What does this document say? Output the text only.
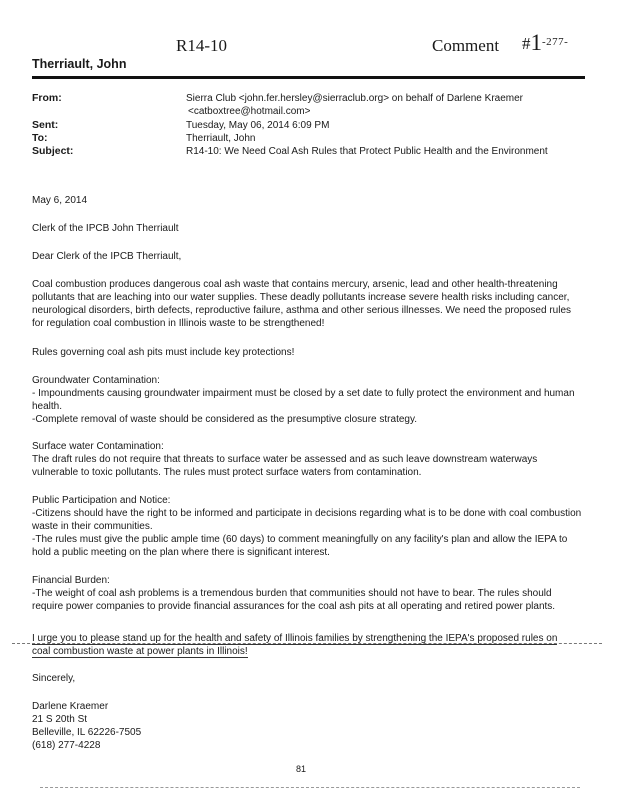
R14-10	Comment $\#1^{-277-}$
Therriault, John
From:	Sierra Club <john.fer.hersley@sierraclub.org> on behalf of Darlene Kraemer
<catboxtree@hotmail.com>
Sent:	Tuesday, May 06, 2014 6:09 PM
To:	Therriault, John
Subject:	R14-10: We Need Coal Ash Rules that Protect Public Health and the Environment
May 6, 2014
Clerk of the IPCB John Therriault
Dear Clerk of the IPCB Therriault,
Coal combustion produces dangerous coal ash waste that contains mercury, arsenic, lead and other health-threatening pollutants that are leaching into our water supplies. These deadly pollutants increase severe health risks including cancer, neurological disorders, birth defects, reproductive failure, asthma and other serious illnesses. We need the proposed rules for regulation coal combustion in Illinois waste to be strengthened!
Rules governing coal ash pits must include key protections!

Groundwater Contamination:

- Impoundments causing groundwater impairment must be closed by a set date to fully protect the environment and human health.

-Complete removal of waste should be considered as the presumptive closure strategy.

Surface water Contamination:

The draft rules do not require that threats to surface water be assessed and as such leave downstream waterways vulnerable to toxic pollutants. The rules must protect surface waters from contamination.

Public Participation and Notice:

-Citizens should have the right to be informed and participate in decisions regarding what is to be done with coal combustion waste in their communities.

-The rules must give the public ample time (60 days) to comment meaningfully on any facility's plan and allow the IEPA to hold a public meeting on the plan where there is significant interest.

Financial Burden:

-The weight of coal ash problems is a tremendous burden that communities should not have to bear. The rules should require power companies to provide financial assurances for the coal ash pits at all operating and retired power plants.

I urge you to please stand up for the health and safety of Illinois families by strengthening the IEPA's proposed rules on

coal combustion waste at power plants in Illinois!

Sincerely,

Darlene Kraemer

21 S 20th St

Belleville, IL 62226-7505

(618) 277-4228

81
